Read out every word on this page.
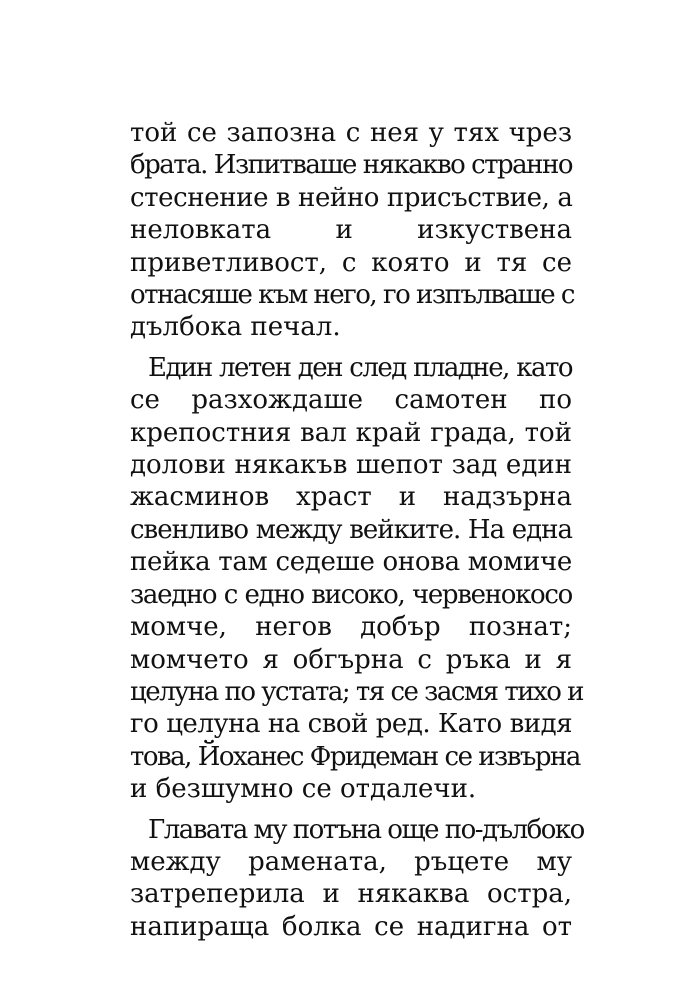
той се запозна с нея у тях чрез
брата. Изпитваше някакво странно
стеснение в нейно присъствие, а
неловката и изкуствена
приветливост, с която и тя се
отнасяше към него, го изпълваше с
дълбока печал.

Един летен ден след пладне, като
се разхождаше самотен по
крепостния вал край града, той
долови някакъв шепот зад един
жасминов храст и надзърна
свенливо между вейките. На една
пейка там седеше онова момиче
заедно с едно високо, червенокосо
момче, негов добър познат;
момчето я обгърна с ръка и я
целуна по устата; тя се засмя тихо и
го целуна на свой ред. Като видя
това, Йоханес Фридеман се извърна
и безшумно се отдалечи.

Главата му потъна още по-дълбоко
между рамената, ръцете му
затреперила и някаква остра,
напираща болка се надигна от
